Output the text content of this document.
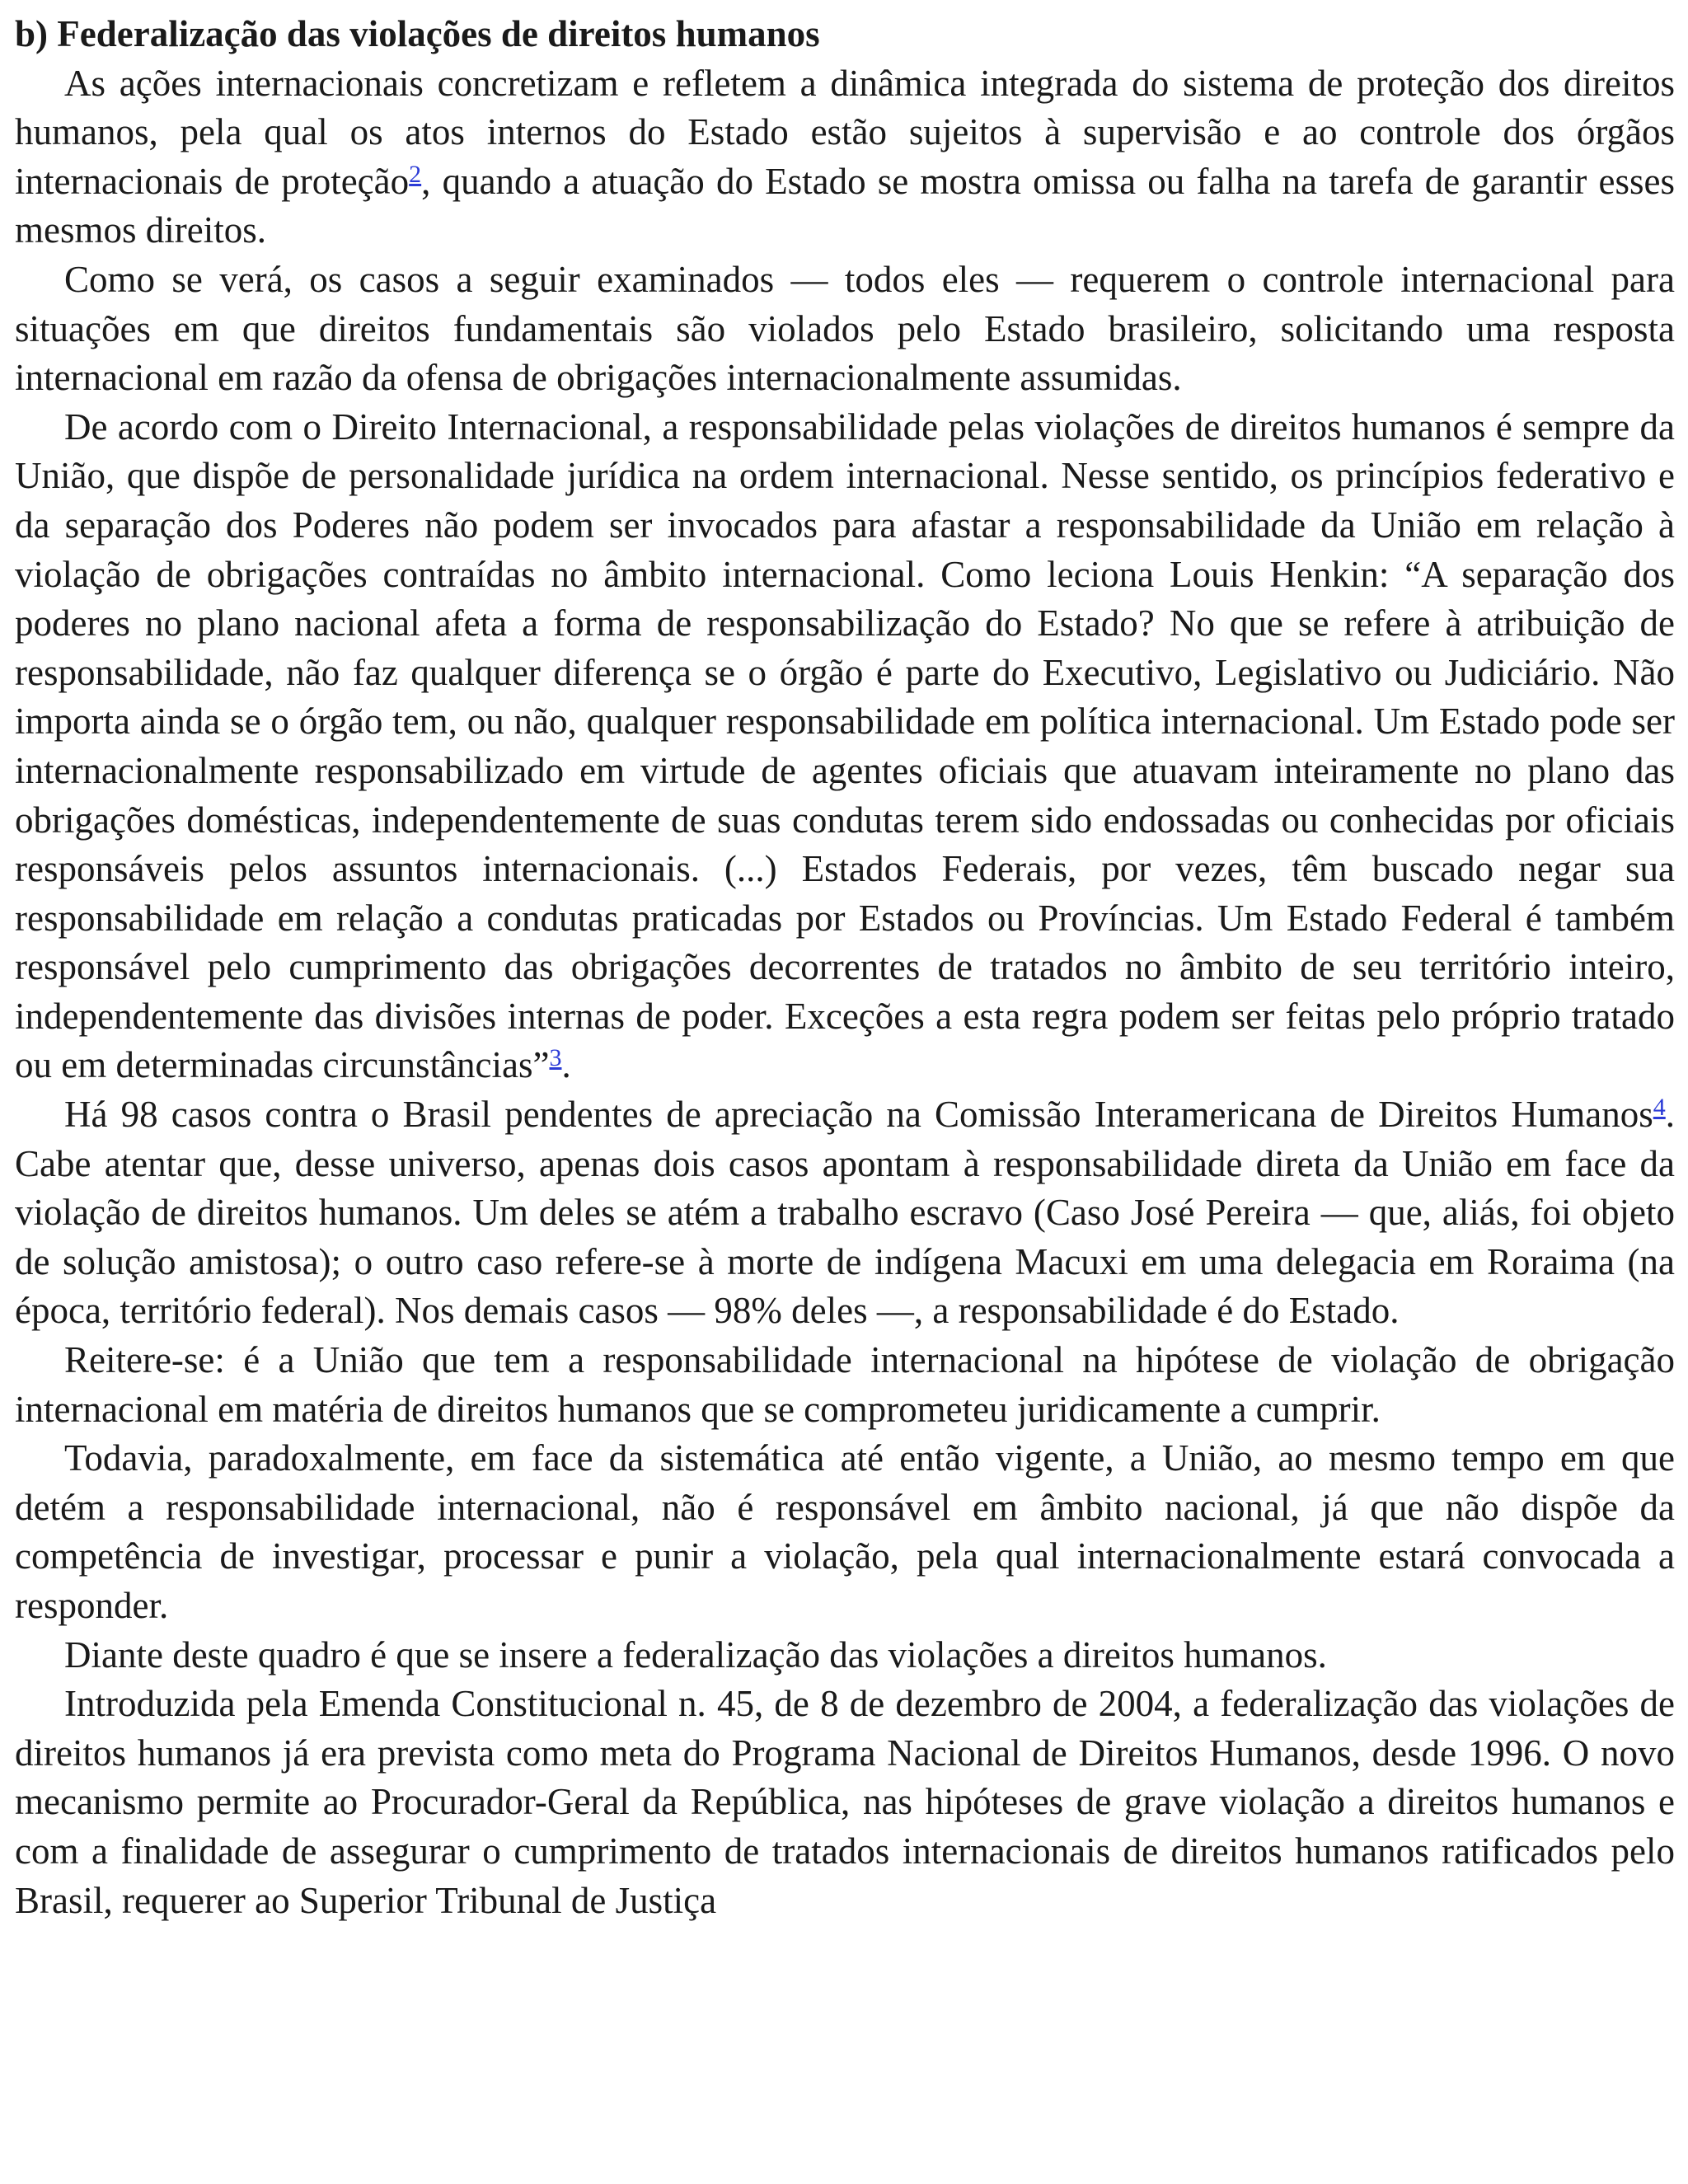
b) Federalização das violações de direitos humanos

As ações internacionais concretizam e refletem a dinâmica integrada do sistema de proteção dos direitos humanos, pela qual os atos internos do Estado estão sujeitos à supervisão e ao controle dos órgãos internacionais de proteção$^2$, quando a atuação do Estado se mostra omissa ou falha na tarefa de garantir esses mesmos direitos.

Como se verá, os casos a seguir examinados — todos eles — requerem o controle internacional para situações em que direitos fundamentais são violados pelo Estado brasileiro, solicitando uma resposta internacional em razão da ofensa de obrigações internacionalmente assumidas.

De acordo com o Direito Internacional, a responsabilidade pelas violações de direitos humanos é sempre da União, que dispõe de personalidade jurídica na ordem internacional. Nesse sentido, os princípios federativo e da separação dos Poderes não podem ser invocados para afastar a responsabilidade da União em relação à violação de obrigações contraídas no âmbito internacional. Como leciona Louis Henkin: “A separação dos poderes no plano nacional afeta a forma de responsabilização do Estado? No que se refere à atribuição de responsabilidade, não faz qualquer diferença se o órgão é parte do Executivo, Legislativo ou Judiciário. Não importa ainda se o órgão tem, ou não, qualquer responsabilidade em política internacional. Um Estado pode ser internacionalmente responsabilizado em virtude de agentes oficiais que atuavam inteiramente no plano das obrigações domésticas, independentemente de suas condutas terem sido endossadas ou conhecidas por oficiais responsáveis pelos assuntos internacionais. (...) Estados Federais, por vezes, têm buscado negar sua responsabilidade em relação a condutas praticadas por Estados ou Províncias. Um Estado Federal é também responsável pelo cumprimento das obrigações decorrentes de tratados no âmbito de seu território inteiro, independentemente das divisões internas de poder. Exceções a esta regra podem ser feitas pelo próprio tratado ou em determinadas circunstâncias”$^3$.

Há 98 casos contra o Brasil pendentes de apreciação na Comissão Interamericana de Direitos Humanos$^4$. Cabe atentar que, desse universo, apenas dois casos apontam à responsabilidade direta da União em face da violação de direitos humanos. Um deles se atém a trabalho escravo (Caso José Pereira — que, aliás, foi objeto de solução amistosa); o outro caso refere-se à morte de indígena Macuxi em uma delegacia em Roraima (na época, território federal). Nos demais casos — 98% deles —, a responsabilidade é do Estado.

Reitere-se: é a União que tem a responsabilidade internacional na hipótese de violação de obrigação internacional em matéria de direitos humanos que se comprometeu juridicamente a cumprir.

Todavia, paradoxalmente, em face da sistemática até então vigente, a União, ao mesmo tempo em que detém a responsabilidade internacional, não é responsável em âmbito nacional, já que não dispõe da competência de investigar, processar e punir a violação, pela qual internacionalmente estará convocada a responder.

Diante deste quadro é que se insere a federalização das violações a direitos humanos.

Introduzida pela Emenda Constitucional n. 45, de 8 de dezembro de 2004, a federalização das violações de direitos humanos já era prevista como meta do Programa Nacional de Direitos Humanos, desde 1996. O novo mecanismo permite ao Procurador-Geral da República, nas hipóteses de grave violação a direitos humanos e com a finalidade de assegurar o cumprimento de tratados internacionais de direitos humanos ratificados pelo Brasil, requerer ao Superior Tribunal de Justiça
